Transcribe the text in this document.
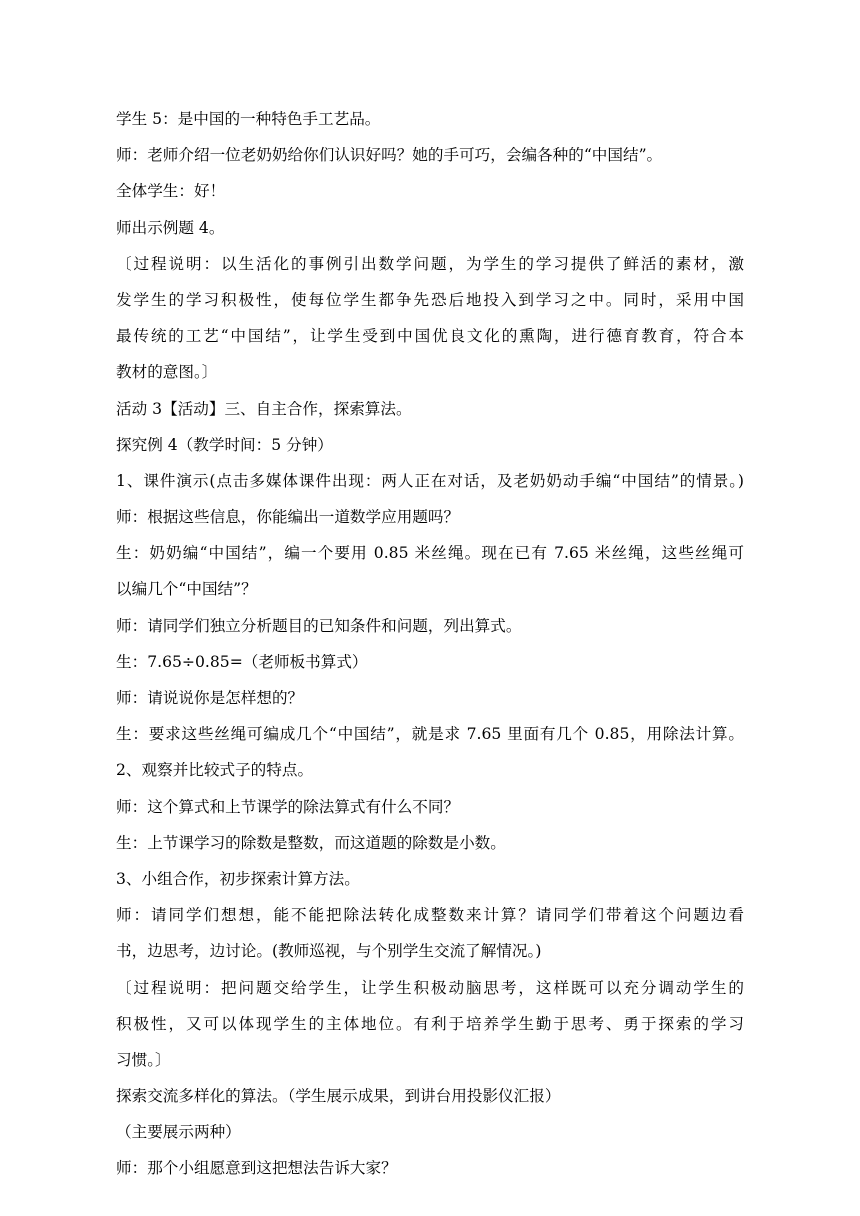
学生 5：是中国的一种特色手工艺品。
师：老师介绍一位老奶奶给你们认识好吗？她的手可巧，会编各种的“中国结”。
全体学生：好！
师出示例题 4。
〔过程说明：以生活化的事例引出数学问题，为学生的学习提供了鲜活的素材，激
发学生的学习积极性，使每位学生都争先恐后地投入到学习之中。同时，采用中国
最传统的工艺“中国结”，让学生受到中国优良文化的熏陶，进行德育教育，符合本
教材的意图。〕
活动 3【活动】三、自主合作，探索算法。
探究例 4（教学时间：5 分钟）
1、课件演示(点击多媒体课件出现：两人正在对话，及老奶奶动手编“中国结”的情景。)
师：根据这些信息，你能编出一道数学应用题吗？
生：奶奶编“中国结”，编一个要用 0.85 米丝绳。现在已有 7.65 米丝绳，这些丝绳可
以编几个“中国结”？
师：请同学们独立分析题目的已知条件和问题，列出算式。
生：7.65÷0.85=（老师板书算式）
师：请说说你是怎样想的？
生：要求这些丝绳可编成几个“中国结”，就是求 7.65 里面有几个 0.85，用除法计算。
2、观察并比较式子的特点。
师：这个算式和上节课学的除法算式有什么不同？
生：上节课学习的除数是整数，而这道题的除数是小数。
3、小组合作，初步探索计算方法。
师：请同学们想想，能不能把除法转化成整数来计算？请同学们带着这个问题边看
书，边思考，边讨论。(教师巡视，与个别学生交流了解情况。)
〔过程说明：把问题交给学生，让学生积极动脑思考，这样既可以充分调动学生的
积极性，又可以体现学生的主体地位。有利于培养学生勤于思考、勇于探索的学习
习惯。〕
探索交流多样化的算法。（学生展示成果，到讲台用投影仪汇报）
（主要展示两种）
师：那个小组愿意到这把想法告诉大家？
